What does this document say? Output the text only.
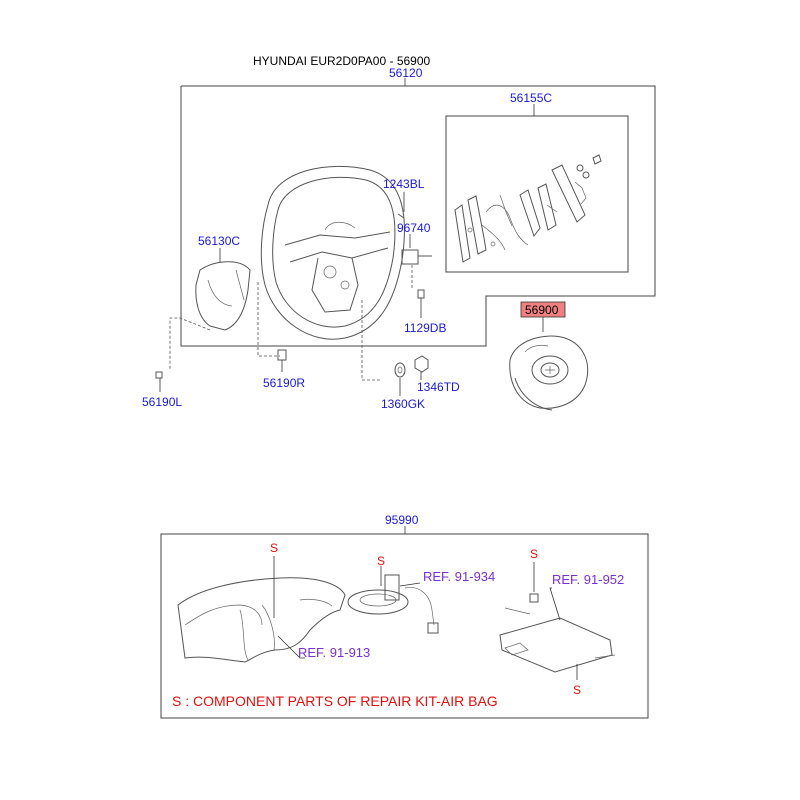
HYUNDAI EUR2D0PA00 - 56900
56120
56155C
1243BL
96740
1129DB
56130C
56190R
56190L
1346TD
1360GK
56900
95990
S
REF. 91-913
S
REF. 91-934
S
REF. 91-952
S
S : COMPONENT PARTS OF REPAIR KIT-AIR BAG
